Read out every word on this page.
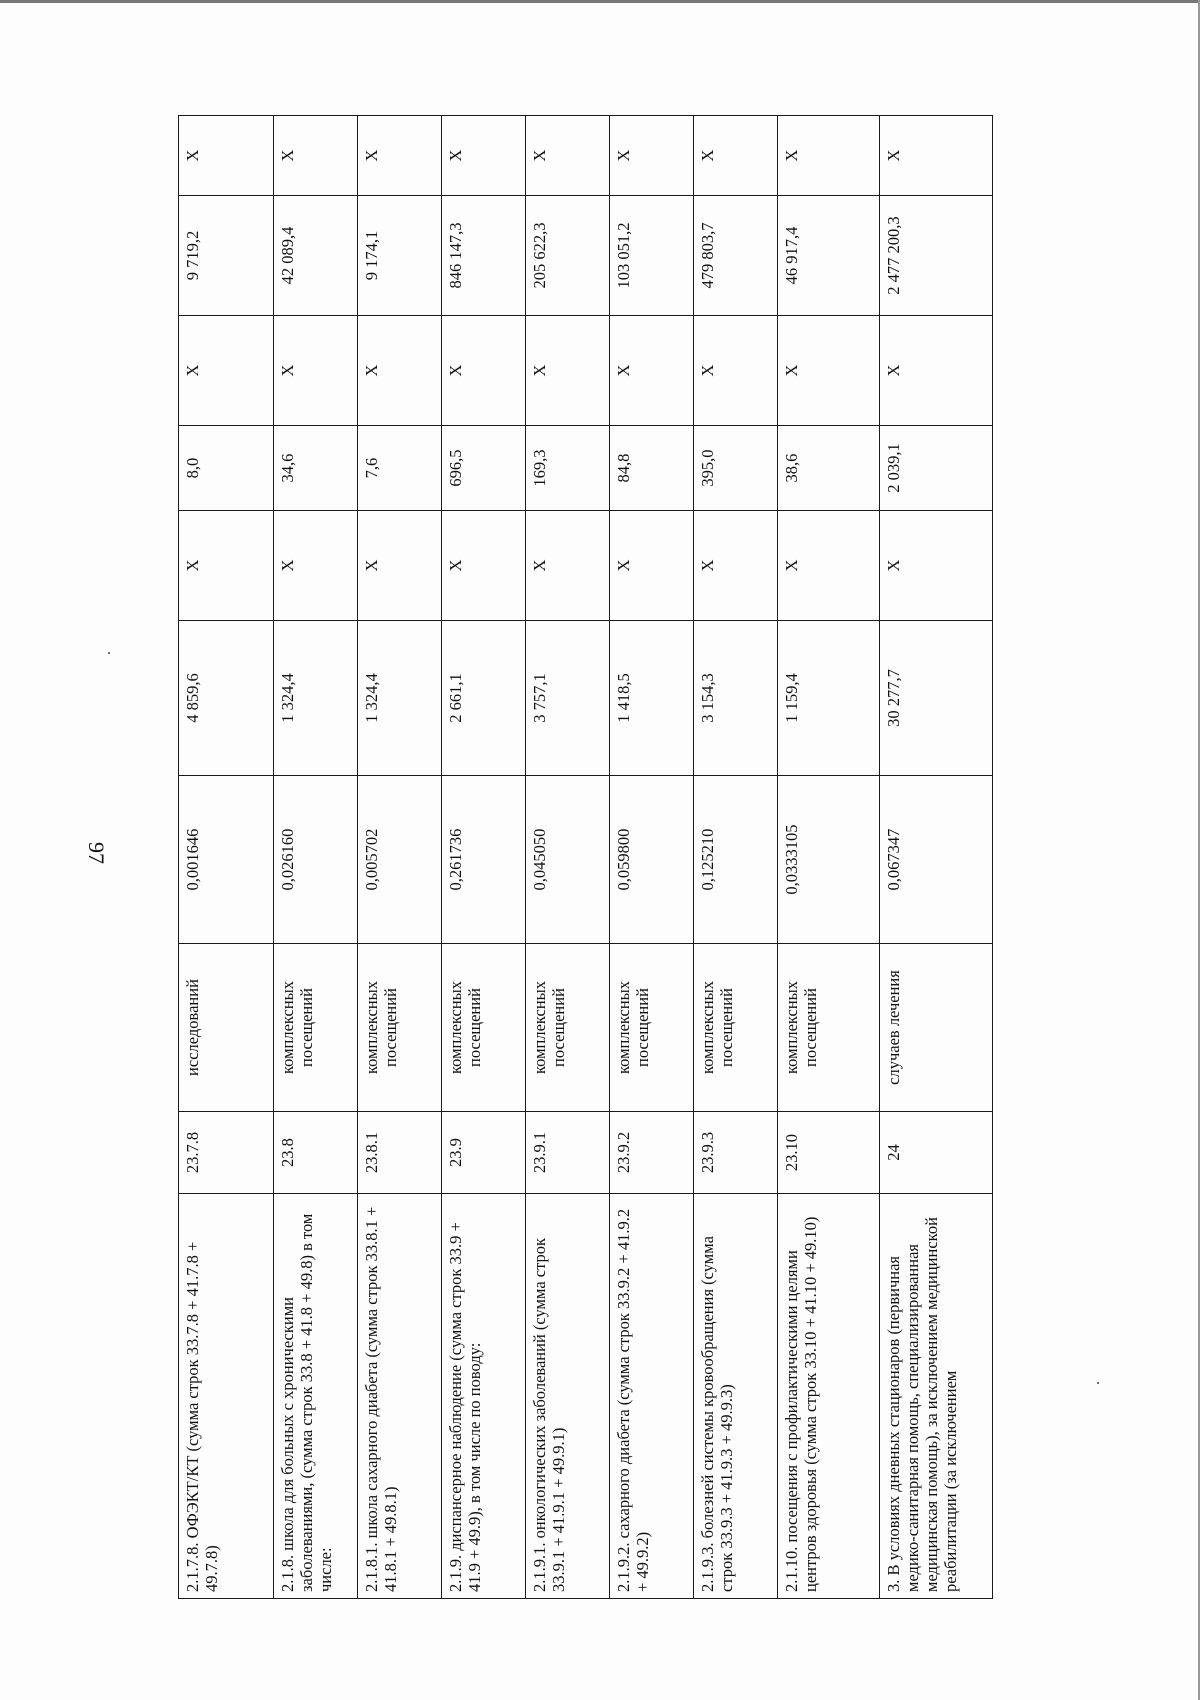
97
2.1.7.8. ОФЭКТ/КТ (сумма строк 33.7.8 + 41.7.8 + 49.7.8)	23.7.8	исследований	0,001646	4 859,6	X	8,0	X	9 719,2	X
2.1.8. школа для больных с хроническими заболеваниями, (сумма строк 33.8 + 41.8 + 49.8) в том числе:	23.8	комплексных посещений	0,026160	1 324,4	X	34,6	X	42 089,4	X
2.1.8.1. школа сахарного диабета (сумма строк 33.8.1 + 41.8.1 + 49.8.1)	23.8.1	комплексных посещений	0,005702	1 324,4	X	7,6	X	9 174,1	X
2.1.9. диспансерное наблюдение (сумма строк 33.9 + 41.9 + 49.9), в том числе по поводу:	23.9	комплексных посещений	0,261736	2 661,1	X	696,5	X	846 147,3	X
2.1.9.1. онкологических заболеваний (сумма строк 33.9.1 + 41.9.1 + 49.9.1)	23.9.1	комплексных посещений	0,045050	3 757,1	X	169,3	X	205 622,3	X
2.1.9.2. сахарного диабета (сумма строк 33.9.2 + 41.9.2 + 49.9.2)	23.9.2	комплексных посещений	0,059800	1 418,5	X	84,8	X	103 051,2	X
2.1.9.3. болезней системы кровообращения (сумма строк 33.9.3 + 41.9.3 + 49.9.3)	23.9.3	комплексных посещений	0,125210	3 154,3	X	395,0	X	479 803,7	X
2.1.10. посещения с профилактическими целями центров здоровья (сумма строк 33.10 + 41.10 + 49.10)	23.10	комплексных посещений	0,0333105	1 159,4	X	38,6	X	46 917,4	X
3. В условиях дневных стационаров (первичная медико-санитарная помощь, специализированная медицинская помощь), за исключением медицинской реабилитации (за исключением	24	случаев лечения	0,067347	30 277,7	X	2 039,1	X	2 477 200,3	X
